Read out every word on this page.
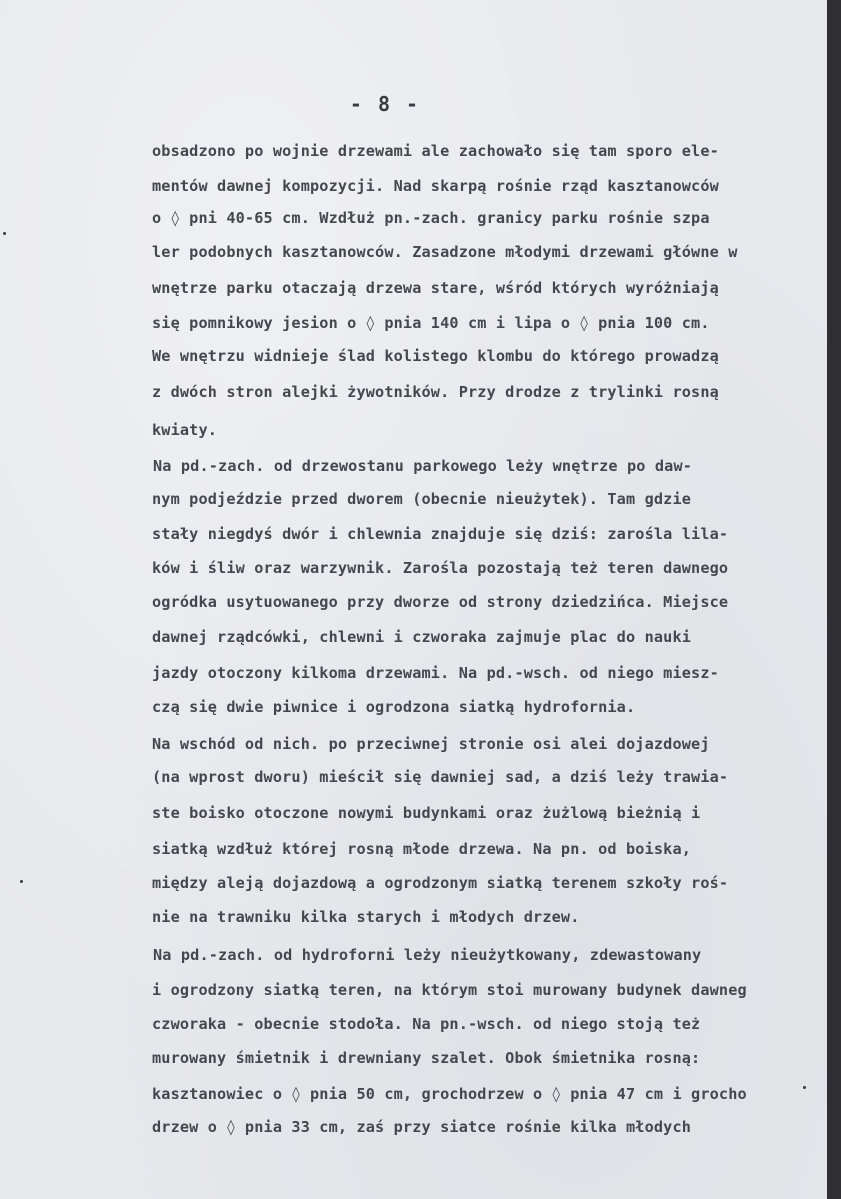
- 8 -
obsadzono po wojnie drzewami ale zachowało się tam sporo ele-
mentów dawnej kompozycji. Nad skarpą rośnie rząd kasztanowców
o ◊ pni 40-65 cm. Wzdłuż pn.-zach. granicy parku rośnie szpa
ler podobnych kasztanowców. Zasadzone młodymi drzewami główne w
wnętrze parku otaczają drzewa stare, wśród których wyróżniają
się pomnikowy jesion o ◊ pnia 140 cm i lipa o ◊ pnia 100 cm.
We wnętrzu widnieje ślad kolistego klombu do którego prowadzą
z dwóch stron alejki żywotników. Przy drodze z trylinki rosną
kwiaty.
Na pd.-zach. od drzewostanu parkowego leży wnętrze po daw-
nym podjeździe przed dworem (obecnie nieużytek). Tam gdzie
stały niegdyś dwór i chlewnia znajduje się dziś: zarośla lila-
ków i śliw oraz warzywnik. Zarośla pozostają też teren dawnego
ogródka usytuowanego przy dworze od strony dziedzińca. Miejsce
dawnej rządcówki, chlewni i czworaka zajmuje plac do nauki
jazdy otoczony kilkoma drzewami. Na pd.-wsch. od niego miesz-
czą się dwie piwnice i ogrodzona siatką hydrofornia.
Na wschód od nich. po przeciwnej stronie osi alei dojazdowej
(na wprost dworu) mieścił się dawniej sad, a dziś leży trawia-
ste boisko otoczone nowymi budynkami oraz żużlową bieżnią i
siatką wzdłuż której rosną młode drzewa. Na pn. od boiska,
między aleją dojazdową a ogrodzonym siatką terenem szkoły roś-
nie na trawniku kilka starych i młodych drzew.
Na pd.-zach. od hydroforni leży nieużytkowany, zdewastowany
i ogrodzony siatką teren, na którym stoi murowany budynek dawneg
czworaka - obecnie stodoła. Na pn.-wsch. od niego stoją też
murowany śmietnik i drewniany szalet. Obok śmietnika rosną:
kasztanowiec o ◊ pnia 50 cm, grochodrzew o ◊ pnia 47 cm i grocho
drzew o ◊ pnia 33 cm, zaś przy siatce rośnie kilka młodych
